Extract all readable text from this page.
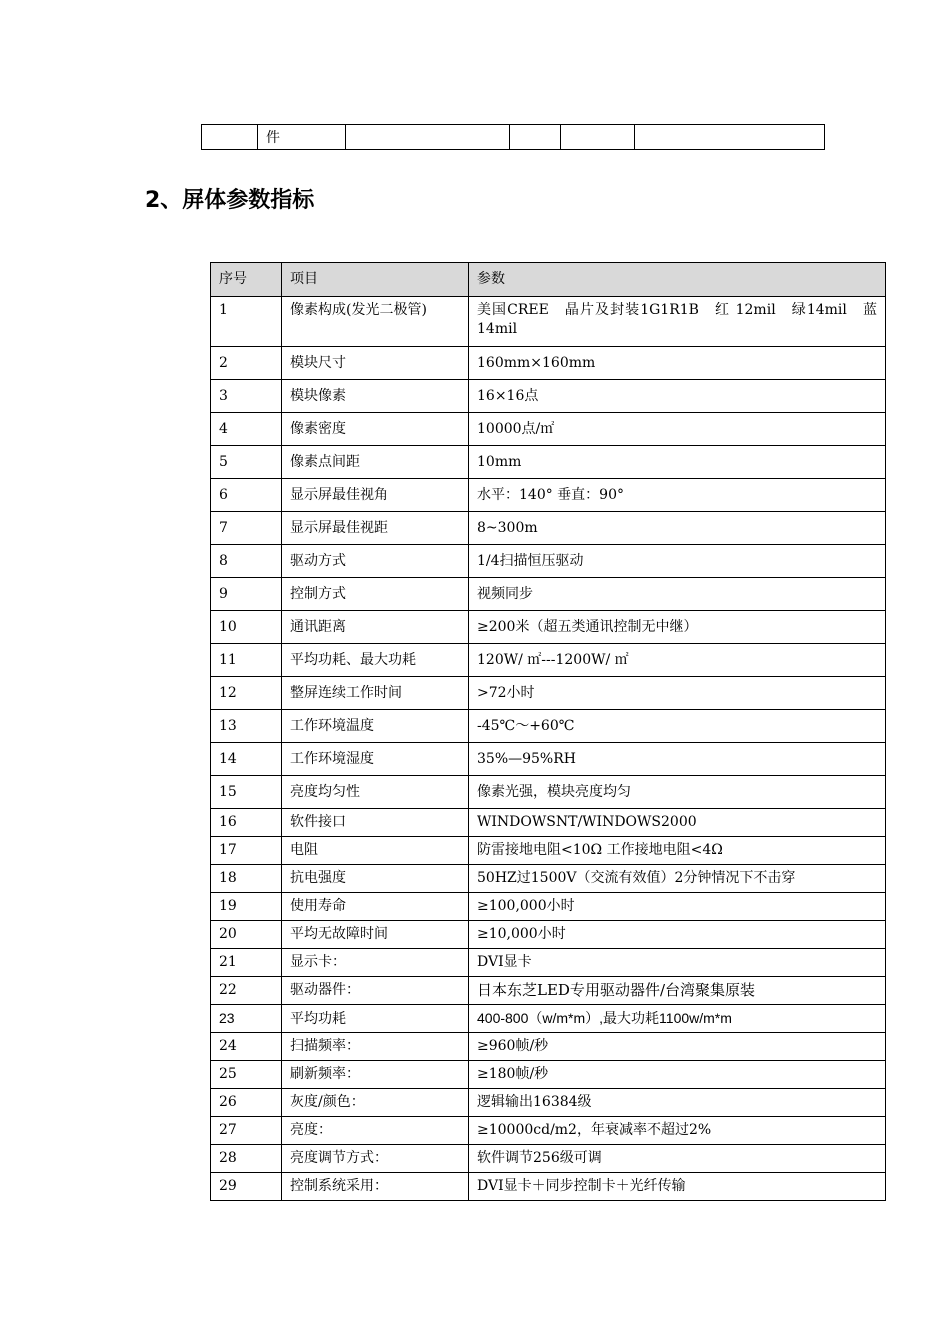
	件				
2、屏体参数指标
序号	项目	参数
1	像素构成(发光二极管)	美国CREE　晶片及封装1G1R1B　红 12mil　绿14mil　蓝 14mil
2	模块尺寸	160mm×160mm
3	模块像素	16×16点
4	像素密度	10000点/㎡
5	像素点间距	10mm
6	显示屏最佳视角	水平：140° 垂直：90°
7	显示屏最佳视距	8~300m
8	驱动方式	1/4扫描恒压驱动
9	控制方式	视频同步
10	通讯距离	≥200米（超五类通讯控制无中继）
11	平均功耗、最大功耗	120W/ ㎡---1200W/ ㎡
12	整屏连续工作时间	>72小时
13	工作环境温度	-45℃～+60℃
14	工作环境湿度	35%—95%RH
15	亮度均匀性	像素光强，模块亮度均匀
16	软件接口	WINDOWSNT/WINDOWS2000
17	电阻	防雷接地电阻<10Ω 工作接地电阻<4Ω
18	抗电强度	50HZ过1500V（交流有效值）2分钟情况下不击穿
19	使用寿命	≥100,000小时
20	平均无故障时间	≥10,000小时
21	显示卡：	DVI显卡
22	驱动器件：	日本东芝LED专用驱动器件/台湾聚集原装
23	平均功耗	400-800（w/m*m）,最大功耗1100w/m*m
24	扫描频率：	≥960帧/秒
25	刷新频率：	≥180帧/秒
26	灰度/颜色：	逻辑输出16384级
27	亮度：	≥10000cd/m2，年衰减率不超过2%
28	亮度调节方式：	软件调节256级可调
29	控制系统采用：	DVI显卡＋同步控制卡＋光纤传输
